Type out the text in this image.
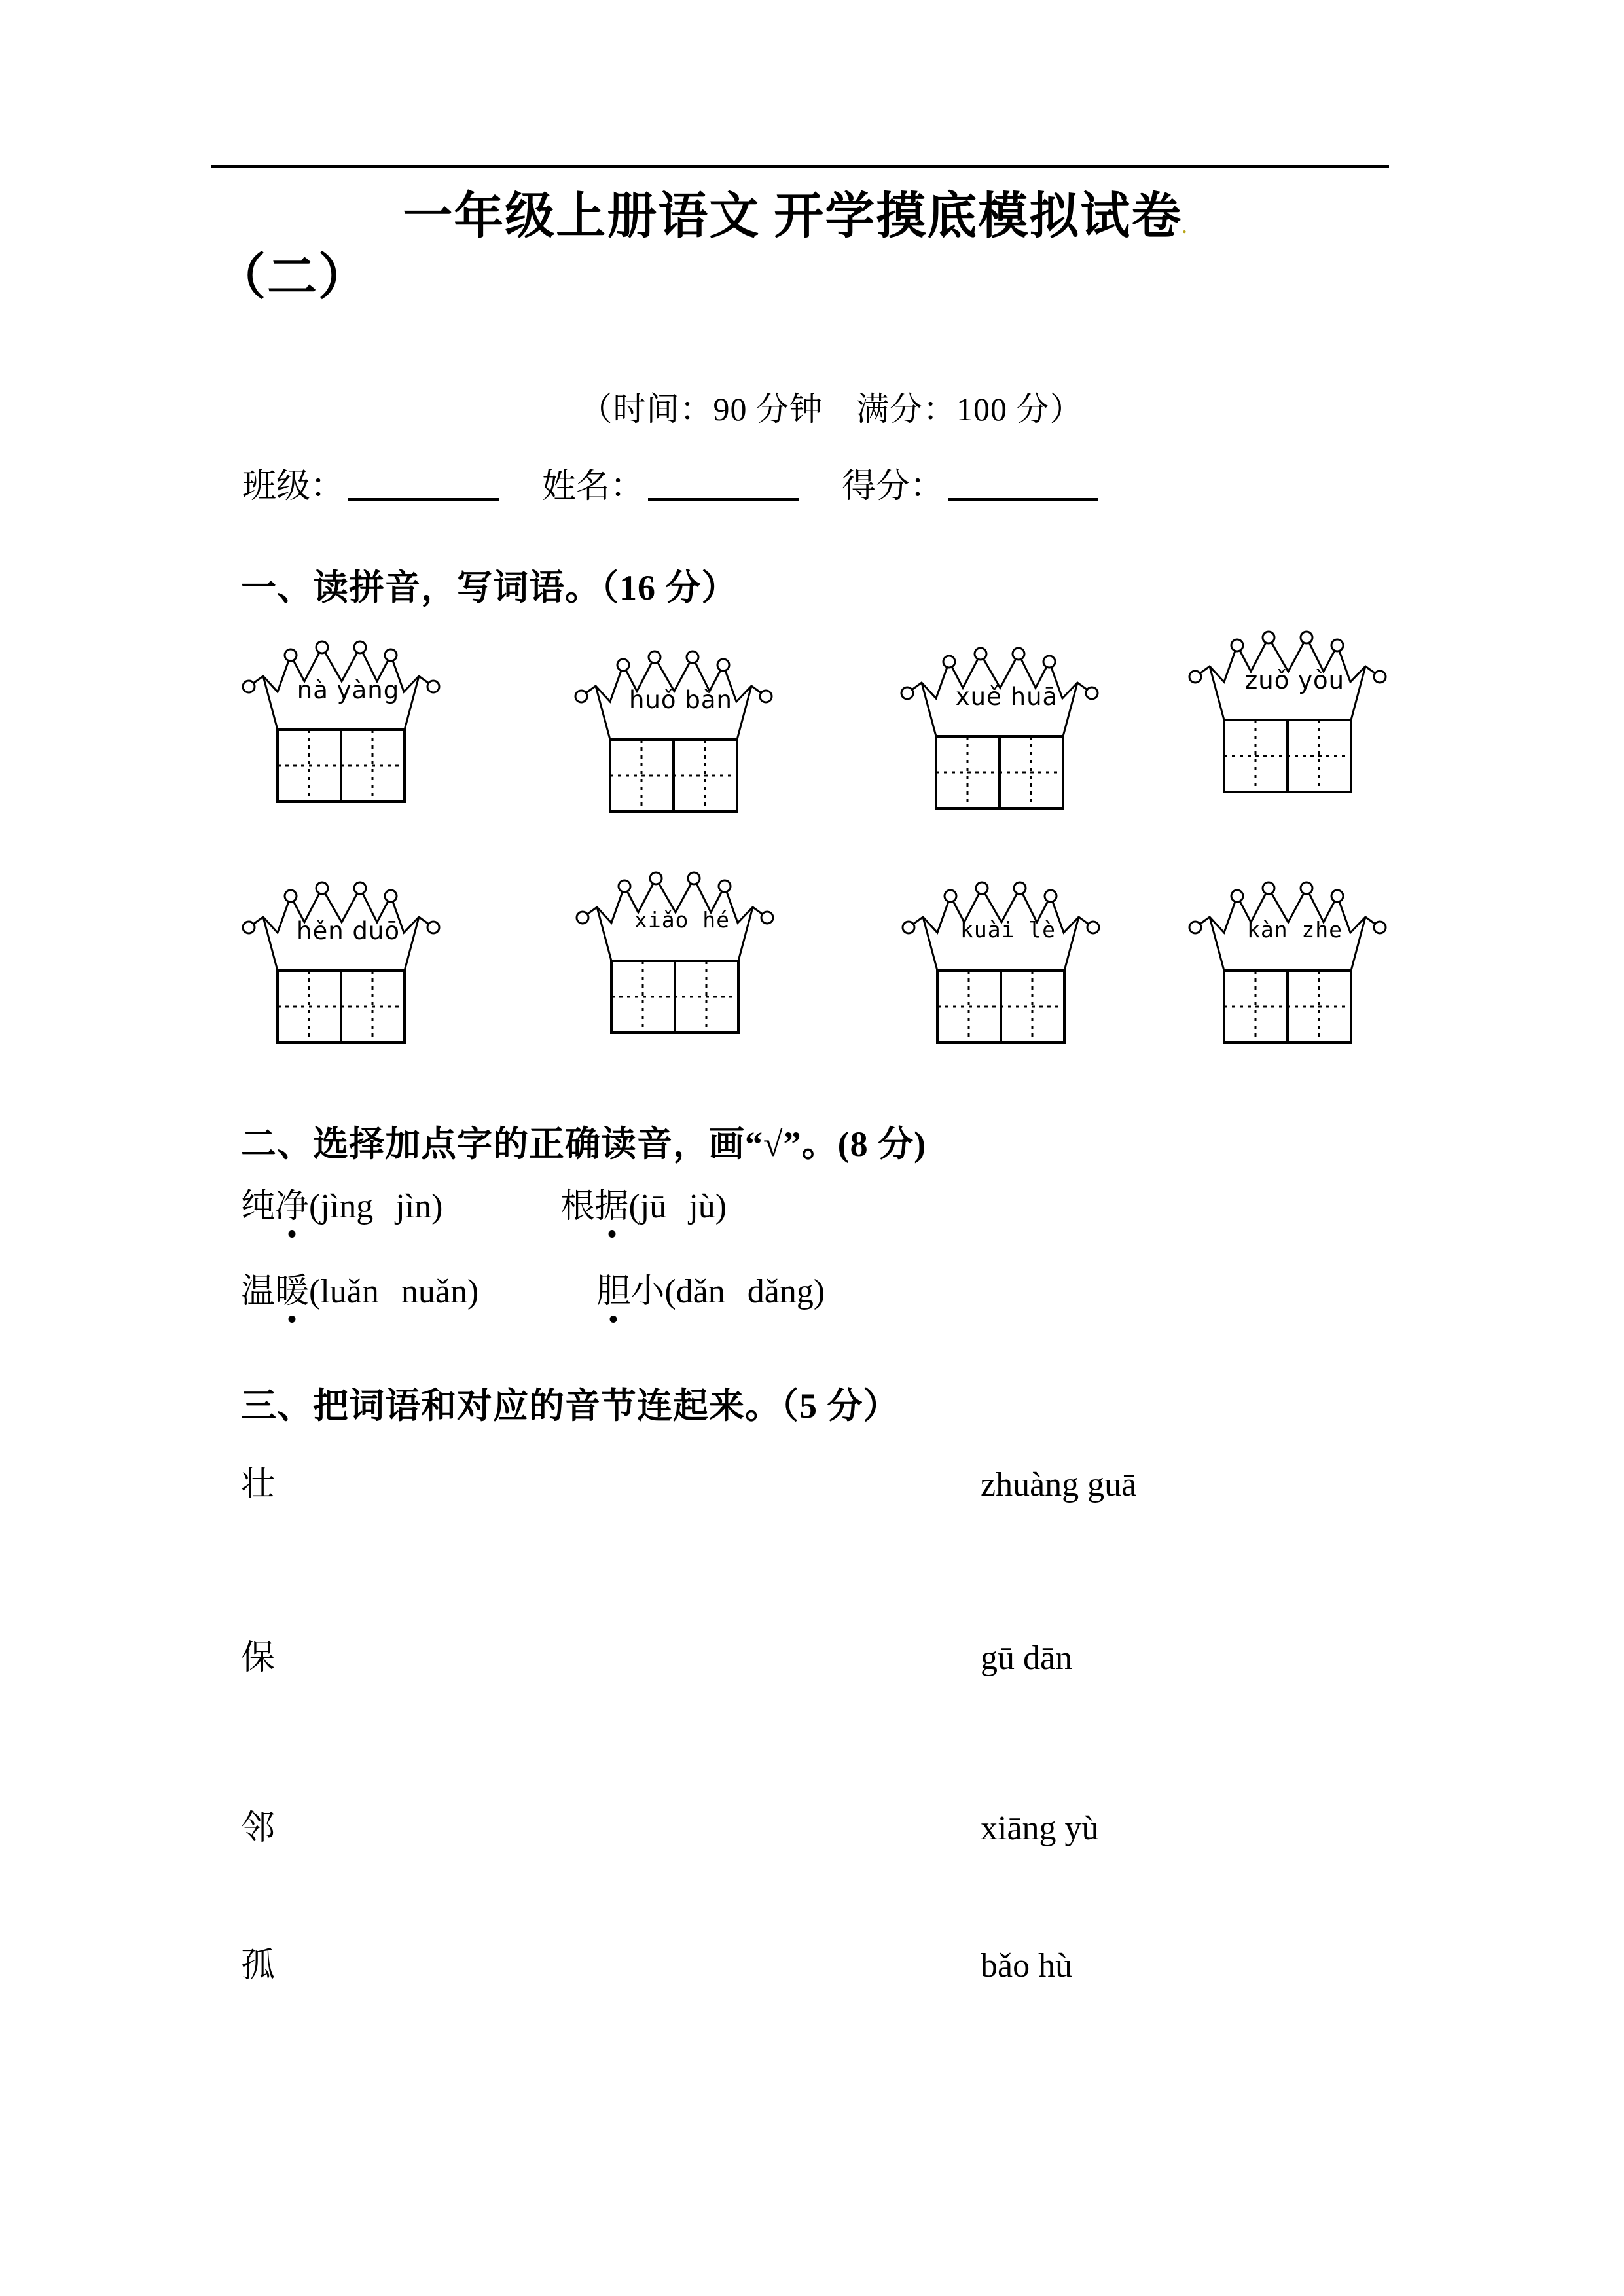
一年级上册语文 开学摸底模拟试卷.
（二）
（时间：90 分钟　满分：100 分）
班级：	姓名：	得分：
一、读拼音，写词语。（16 分）
nà yàng	huǒ bàn	xuě huā
zuǒ yòu
hěn duō	xiǎo hé	kuài lè	kàn zhe
二、选择加点字的正确读音，画“√”。(8 分)
纯净(jìng jìn)	根据(jū jù)
温暖(luǎn nuǎn)	胆小(dǎn dǎng)
三、把词语和对应的音节连起来。（5 分）
壮	zhuàng guā
保	gū dān
邻	xiāng yù
孤	bǎo hù
